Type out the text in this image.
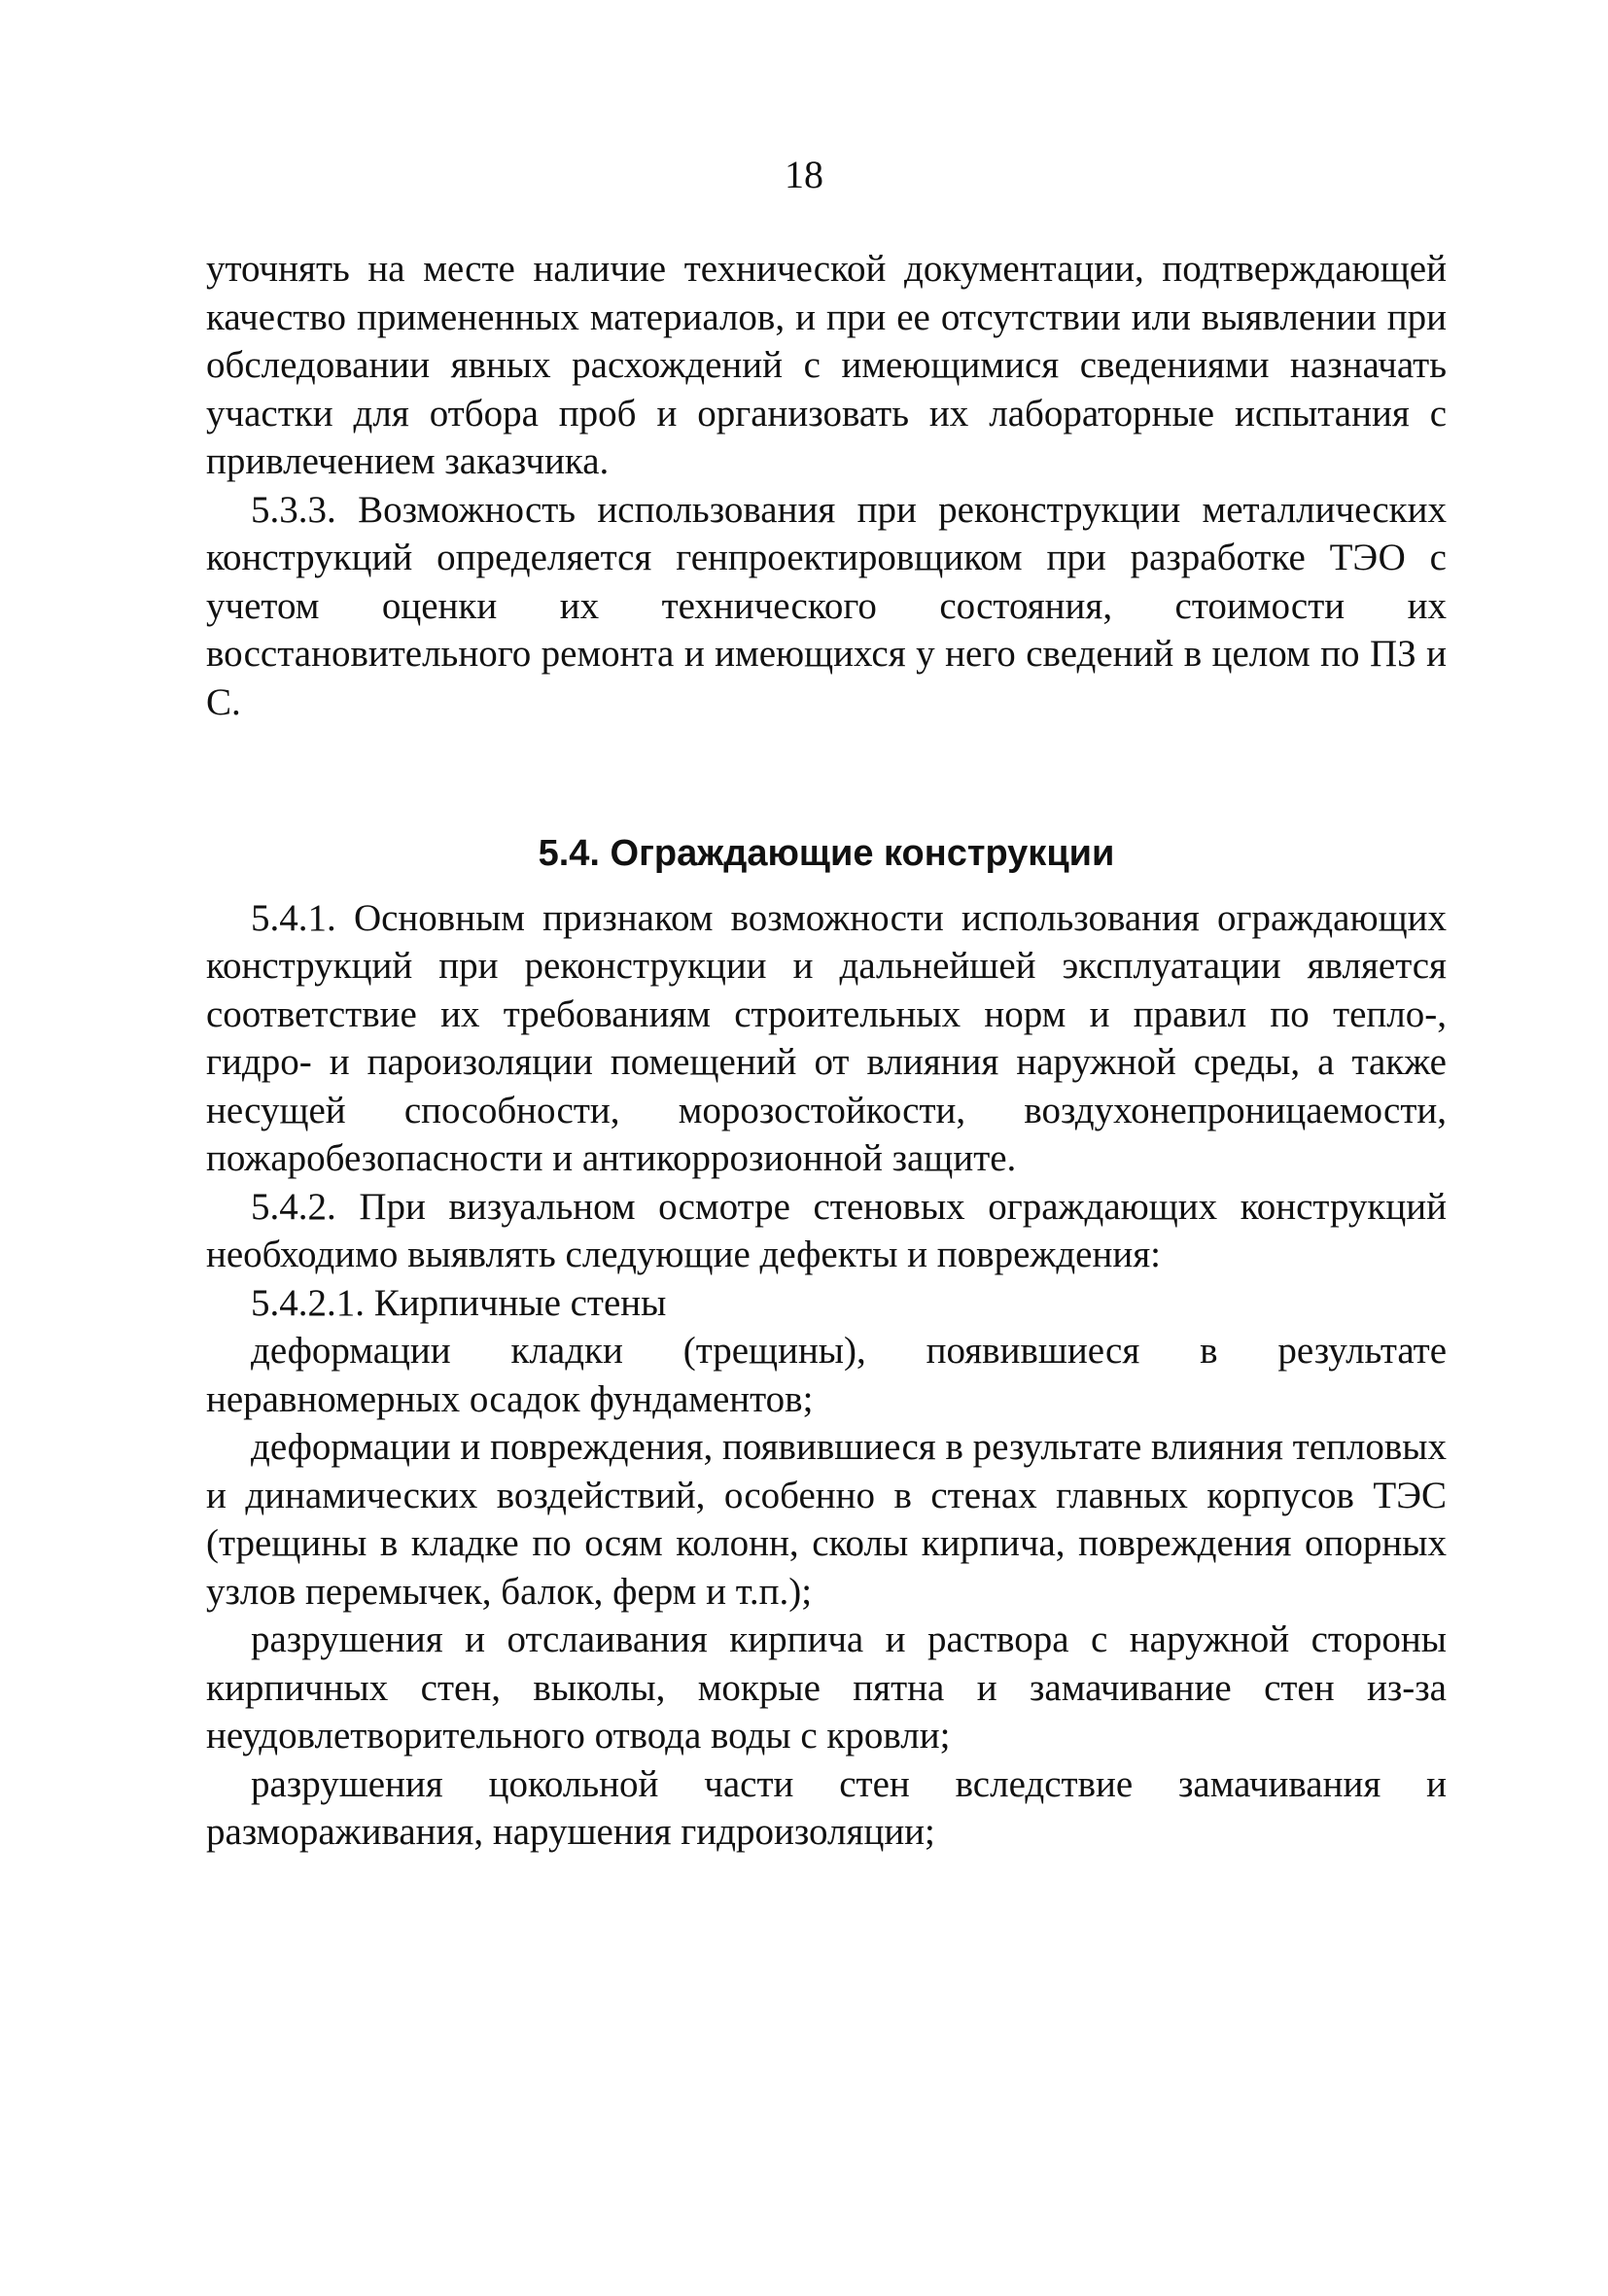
18

уточнять на месте наличие технической документации, подтверждающей качество примененных материалов, и при ее отсутствии или выявлении при обследовании явных расхождений с имеющимися сведениями назначать участки для отбора проб и организовать их лабораторные испытания с привлечением заказчика.

5.3.3. Возможность использования при реконструкции металлических конструкций определяется генпроектировщиком при разработке ТЭО с учетом оценки их технического состояния, стоимости их восстановительного ремонта и имеющихся у него сведений в целом по ПЗ и С.

5.4. Ограждающие конструкции

5.4.1. Основным признаком возможности использования ограждающих конструкций при реконструкции и дальнейшей эксплуатации является соответствие их требованиям строительных норм и правил по тепло-, гидро- и пароизоляции помещений от влияния наружной среды, а также несущей способности, морозостойкости, воздухонепроницаемости, пожаробезопасности и антикоррозионной защите.

5.4.2. При визуальном осмотре стеновых ограждающих конструкций необходимо выявлять следующие дефекты и повреждения:

5.4.2.1. Кирпичные стены

деформации кладки (трещины), появившиеся в результате неравномерных осадок фундаментов;

деформации и повреждения, появившиеся в результате влияния тепловых и динамических воздействий, особенно в стенах главных корпусов ТЭС (трещины в кладке по осям колонн, сколы кирпича, повреждения опорных узлов перемычек, балок, ферм и т.п.);

разрушения и отслаивания кирпича и раствора с наружной стороны кирпичных стен, выколы, мокрые пятна и замачивание стен из-за неудовлетворительного отвода воды с кровли;

разрушения цокольной части стен вследствие замачивания и размораживания, нарушения гидроизоляции;
